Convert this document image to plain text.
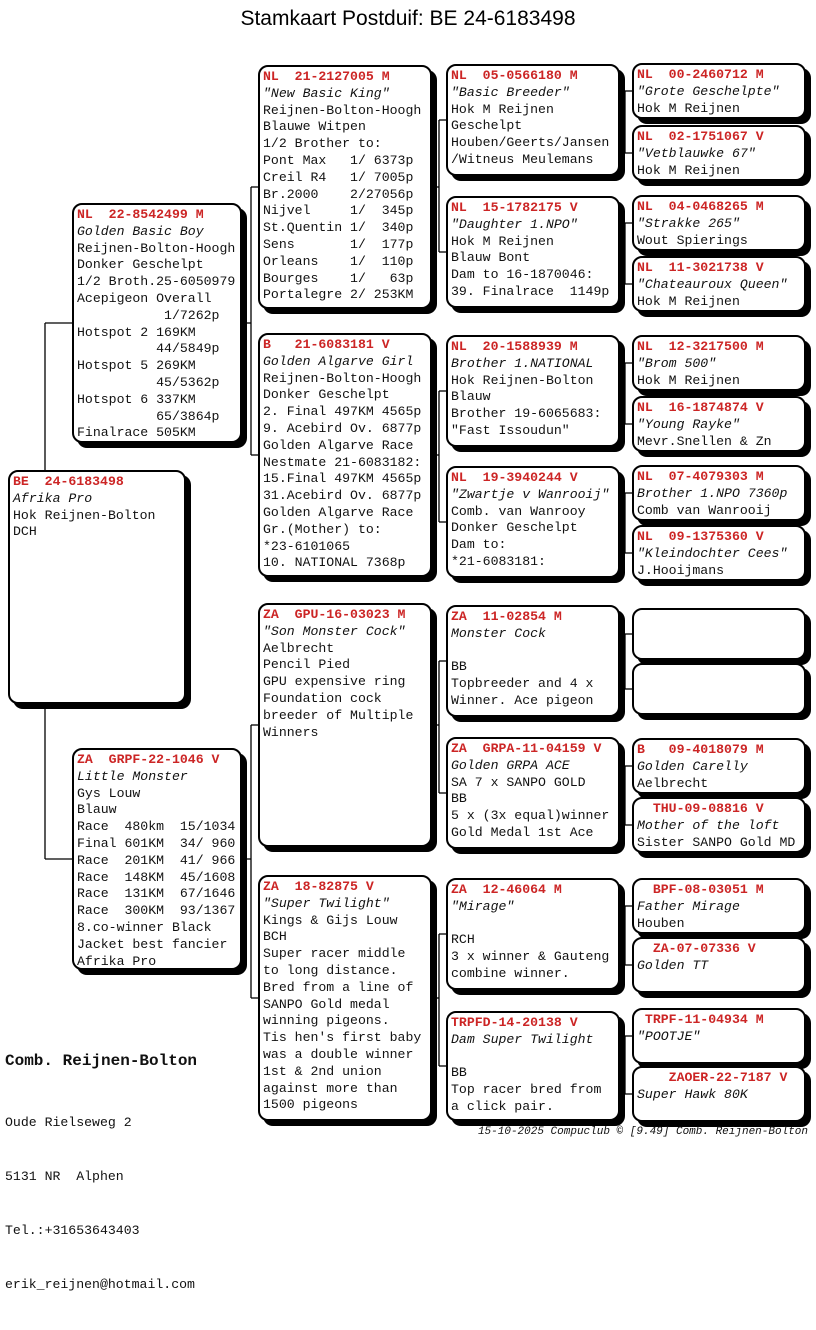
Stamkaart Postduif: BE 24-6183498
BE  24-6183498
Afrika Pro
Hok Reijnen-Bolton
DCH
NL  22-8542499 M
Golden Basic Boy
Reijnen-Bolton-Hoogh
Donker Geschelpt
1/2 Broth.25-6050979
Acepigeon Overall
1/7262p
Hotspot 2 169KM
44/5849p
Hotspot 5 269KM
45/5362p
Hotspot 6 337KM
65/3864p
Finalrace 505KM
ZA  GRPF-22-1046 V
Little Monster
Gys Louw
Blauw
Race  480km  15/1034
Final 601KM  34/ 960
Race  201KM  41/ 966
Race  148KM  45/1608
Race  131KM  67/1646
Race  300KM  93/1367
8.co-winner Black
Jacket best fancier
Afrika Pro
NL  21-2127005 M
"New Basic King"
Reijnen-Bolton-Hoogh
Blauwe Witpen
1/2 Brother to:
Pont Max   1/ 6373p
Creil R4   1/ 7005p
Br.2000    2/27056p
Nijvel     1/  345p
St.Quentin 1/  340p
Sens       1/  177p
Orleans    1/  110p
Bourges    1/   63p
Portalegre 2/ 253KM
B   21-6083181 V
Golden Algarve Girl
Reijnen-Bolton-Hoogh
Donker Geschelpt
2. Final 497KM 4565p
9. Acebird Ov. 6877p
Golden Algarve Race
Nestmate 21-6083182:
15.Final 497KM 4565p
31.Acebird Ov. 6877p
Golden Algarve Race
Gr.(Mother) to:
*23-6101065
10. NATIONAL 7368p
ZA  GPU-16-03023 M
"Son Monster Cock"
Aelbrecht
Pencil Pied
GPU expensive ring
Foundation cock
breeder of Multiple
Winners
ZA  18-82875 V
"Super Twilight"
Kings & Gijs Louw
BCH
Super racer middle
to long distance.
Bred from a line of
SANPO Gold medal
winning pigeons.
Tis hen's first baby
was a double winner
1st & 2nd union
against more than
1500 pigeons
NL  05-0566180 M
"Basic Breeder"
Hok M Reijnen
Geschelpt
Houben/Geerts/Jansen
/Witneus Meulemans
NL  15-1782175 V
"Daughter 1.NPO"
Hok M Reijnen
Blauw Bont
Dam to 16-1870046:
39. Finalrace  1149p
NL  20-1588939 M
Brother 1.NATIONAL
Hok Reijnen-Bolton
Blauw
Brother 19-6065683:
"Fast Issoudun"
NL  19-3940244 V
"Zwartje v Wanrooij"
Comb. van Wanrooy
Donker Geschelpt
Dam to:
*21-6083181:
ZA  11-02854 M
Monster Cock
BB
Topbreeder and 4 x
Winner. Ace pigeon
ZA  GRPA-11-04159 V
Golden GRPA ACE
SA 7 x SANPO GOLD
BB
5 x (3x equal)winner
Gold Medal 1st Ace
ZA  12-46064 M
"Mirage"
RCH
3 x winner & Gauteng
combine winner.
TRPFD-14-20138 V
Dam Super Twilight
BB
Top racer bred from
a click pair.
NL  00-2460712 M
"Grote Geschelpte"
Hok M Reijnen
NL  02-1751067 V
"Vetblauwke 67"
Hok M Reijnen
NL  04-0468265 M
"Strakke 265"
Wout Spierings
NL  11-3021738 V
"Chateauroux Queen"
Hok M Reijnen
NL  12-3217500 M
"Brom 500"
Hok M Reijnen
NL  16-1874874 V
"Young Rayke"
Mevr.Snellen & Zn
NL  07-4079303 M
Brother 1.NPO 7360p
Comb van Wanrooij
NL  09-1375360 V
"Kleindochter Cees"
J.Hooijmans
B   09-4018079 M
Golden Carelly
Aelbrecht
THU-09-08816 V
Mother of the loft
Sister SANPO Gold MD
BPF-08-03051 M
Father Mirage
Houben
ZA-07-07336 V
Golden TT
TRPF-11-04934 M
"POOTJE"
ZAOER-22-7187 V
Super Hawk 80K

Comb. Reijnen-Bolton

Oude Rielseweg 2

5131 NR  Alphen

Tel.:+31653643403

erik_reijnen@hotmail.com

15-10-2025 Compuclub © [9.49] Comb. Reijnen-Bolton
